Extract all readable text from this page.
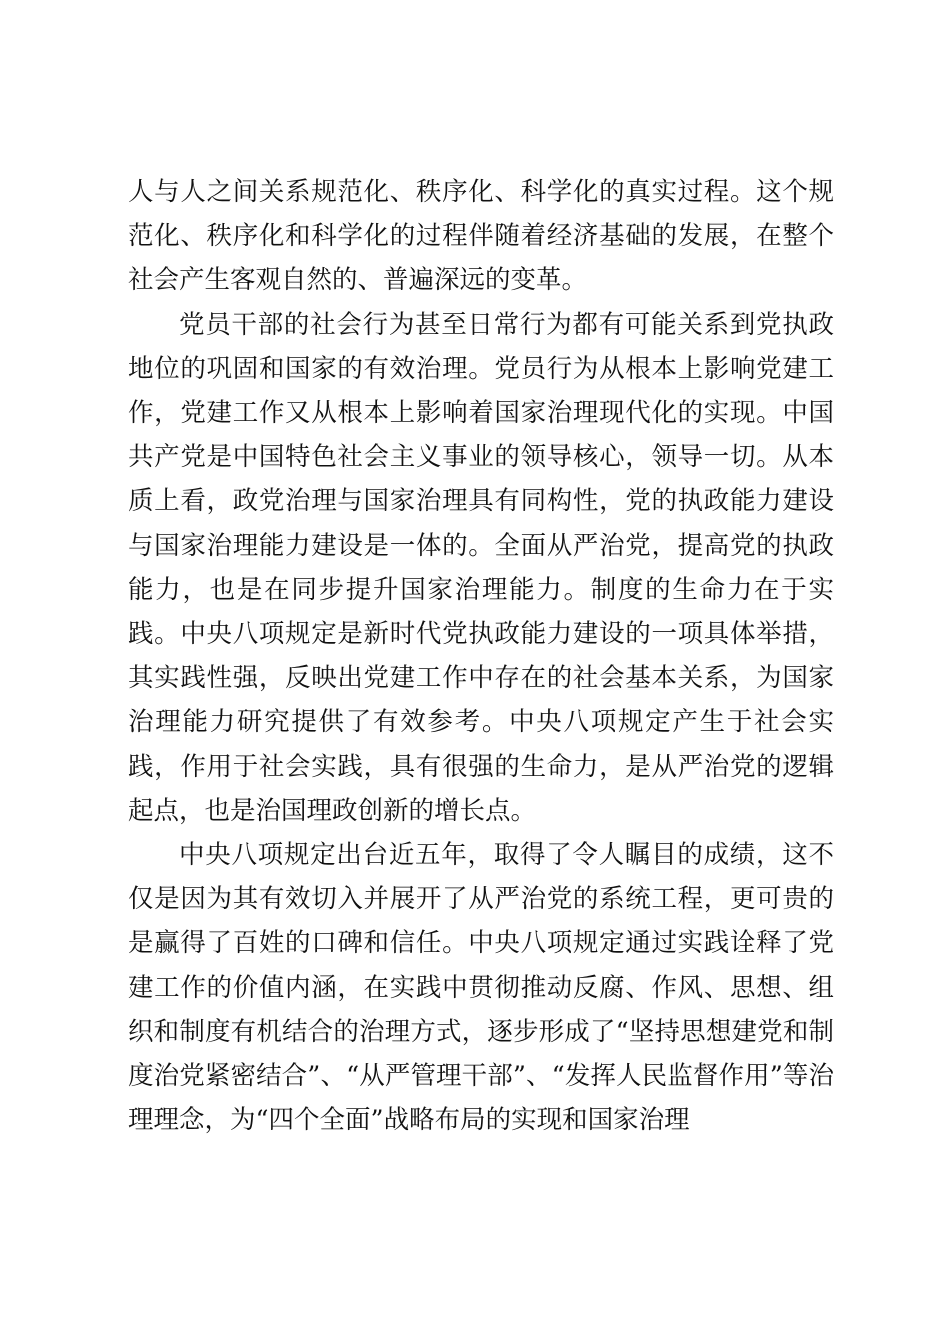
人与人之间关系规范化、秩序化、科学化的真实过程。这个规范化、秩序化和科学化的过程伴随着经济基础的发展，在整个社会产生客观自然的、普遍深远的变革。

党员干部的社会行为甚至日常行为都有可能关系到党执政地位的巩固和国家的有效治理。党员行为从根本上影响党建工作，党建工作又从根本上影响着国家治理现代化的实现。中国共产党是中国特色社会主义事业的领导核心，领导一切。从本质上看，政党治理与国家治理具有同构性，党的执政能力建设与国家治理能力建设是一体的。全面从严治党，提高党的执政能力，也是在同步提升国家治理能力。制度的生命力在于实践。中央八项规定是新时代党执政能力建设的一项具体举措，其实践性强，反映出党建工作中存在的社会基本关系，为国家治理能力研究提供了有效参考。中央八项规定产生于社会实践，作用于社会实践，具有很强的生命力，是从严治党的逻辑起点，也是治国理政创新的增长点。

中央八项规定出台近五年，取得了令人瞩目的成绩，这不仅是因为其有效切入并展开了从严治党的系统工程，更可贵的是赢得了百姓的口碑和信任。中央八项规定通过实践诠释了党建工作的价值内涵，在实践中贯彻推动反腐、作风、思想、组织和制度有机结合的治理方式，逐步形成了“坚持思想建党和制度治党紧密结合”、“从严管理干部”、“发挥人民监督作用”等治理理念，为“四个全面”战略布局的实现和国家治理
